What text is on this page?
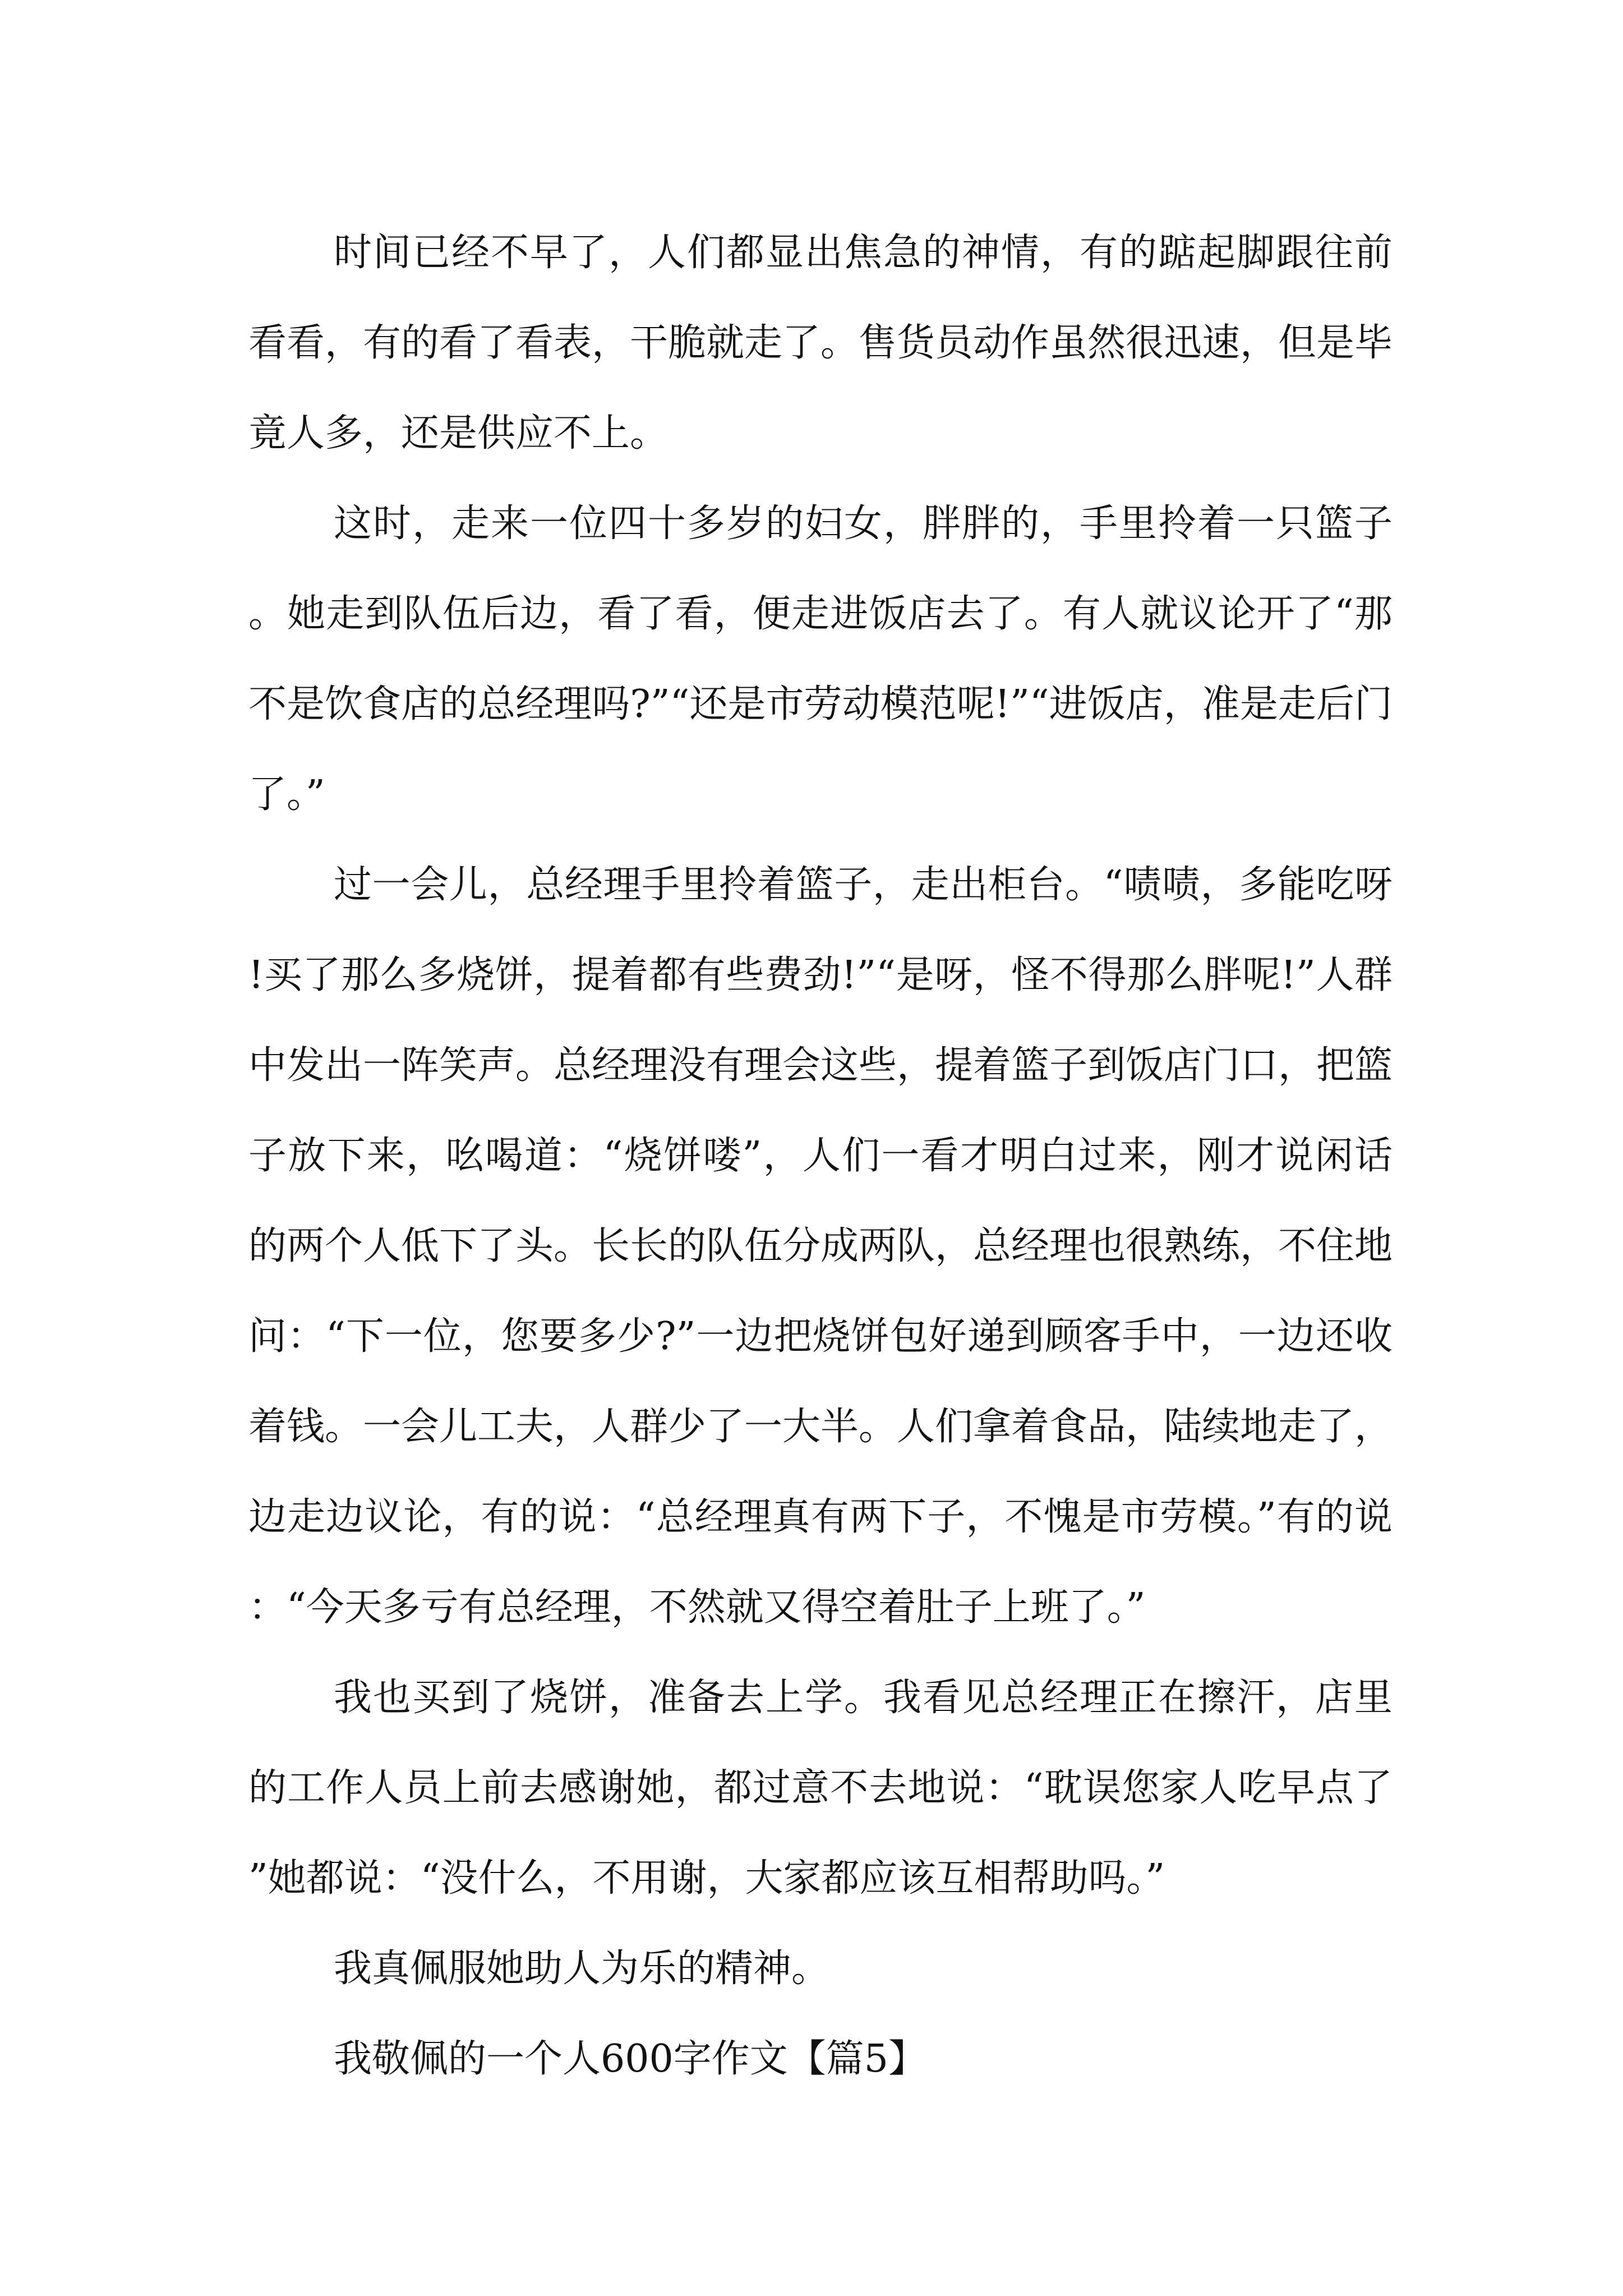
时间已经不早了，人们都显出焦急的神情，有的踮起脚跟往前看看，有的看了看表，干脆就走了。售货员动作虽然很迅速，但是毕竟人多，还是供应不上。

这时，走来一位四十多岁的妇女，胖胖的，手里拎着一只篮子。她走到队伍后边，看了看，便走进饭店去了。有人就议论开了“那不是饮食店的总经理吗?”“还是市劳动模范呢!”“进饭店，准是走后门了。”

过一会儿，总经理手里拎着篮子，走出柜台。“啧啧，多能吃呀!买了那么多烧饼，提着都有些费劲!”“是呀，怪不得那么胖呢!”人群中发出一阵笑声。总经理没有理会这些，提着篮子到饭店门口，把篮子放下来，吆喝道：“烧饼喽”，人们一看才明白过来，刚才说闲话的两个人低下了头。长长的队伍分成两队，总经理也很熟练，不住地问：“下一位，您要多少?”一边把烧饼包好递到顾客手中，一边还收着钱。一会儿工夫，人群少了一大半。人们拿着食品，陆续地走了，边走边议论，有的说：“总经理真有两下子，不愧是市劳模。”有的说：“今天多亏有总经理，不然就又得空着肚子上班了。”

我也买到了烧饼，准备去上学。我看见总经理正在擦汗，店里的工作人员上前去感谢她，都过意不去地说：“耽误您家人吃早点了”她都说：“没什么，不用谢，大家都应该互相帮助吗。”

我真佩服她助人为乐的精神。

我敬佩的一个人600字作文【篇5】
